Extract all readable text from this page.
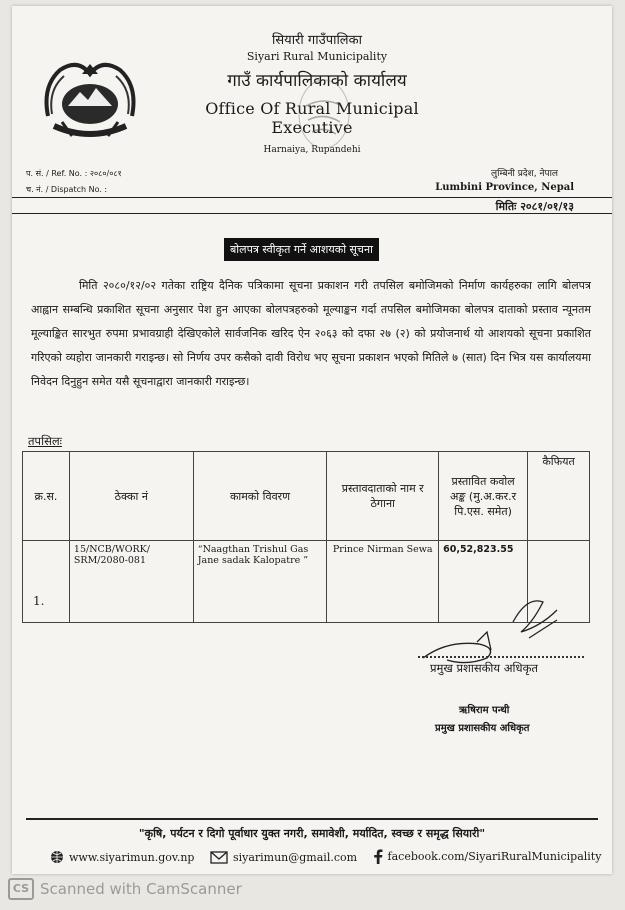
सियारी गाउँपालिका
Siyari Rural Municipality
गाउँ कार्यपालिकाको कार्यालय
Office Of Rural Municipal Executive
Harnaiya, Rupandehi
प. सं. / Ref. No. : २०८०/०८१
च. नं. / Dispatch No. :
लुम्बिनी प्रदेश, नेपाल
Lumbini Province, Nepal
मितिः २०८१/०१/१३
बोलपत्र स्वीकृत गर्ने आशयको सूचना
मिति २०८०/१२/०२ गतेका राष्ट्रिय दैनिक पत्रिकामा सूचना प्रकाशन गरी तपसिल बमोजिमको निर्माण कार्यहरुका लागि बोलपत्र आह्वान सम्बन्धि प्रकाशित सूचना अनुसार पेश हुन आएका बोलपत्रहरुको मूल्याङ्कन गर्दा तपसिल बमोजिमका बोलपत्र दाताको प्रस्ताव न्यूनतम मूल्याङ्कित सारभुत रुपमा प्रभावग्राही देखिएकोले सार्वजनिक खरिद ऐन २०६३ को दफा २७ (२) को प्रयोजनार्थ यो आशयको सूचना प्रकाशित गरिएको व्यहोरा जानकारी गराइन्छ। सो निर्णय उपर कसैको दावी विरोध भए सूचना प्रकाशन भएको मितिले ७ (सात) दिन भित्र यस कार्यालयमा निवेदन दिनुहुन समेत यसै सूचनाद्वारा जानकारी गराइन्छ।
तपसिलः
क्र.स.	ठेक्का नं	कामको विवरण	प्रस्तावदाताको नाम र ठेगाना	प्रस्तावित कवोल अङ्क (मु.अ.कर.र पि.एस. समेत)	कैफियत
1.	15/NCB/WORK/ SRM/2080-081	“Naagthan Trishul Gas Jane sadak Kalopatre ”	Prince Nirman Sewa	60,52,823.55	
प्रमुख प्रशासकीय अधिकृत
ऋषिराम पन्थी
प्रमुख प्रशासकीय अधिकृत
"कृषि, पर्यटन र दिगो पूर्वाधार युक्त नगरी, समावेशी, मर्यादित, स्वच्छ र समृद्ध सियारी"
www.siyarimun.gov.np
	siyarimun@gmail.com
	facebook.com/SiyariRuralMunicipality
CS Scanned with CamScanner
